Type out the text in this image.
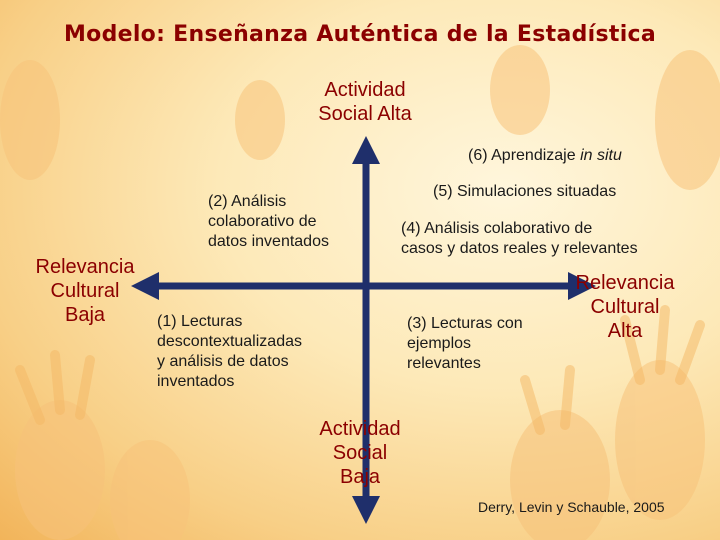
Modelo: Enseñanza Auténtica de la Estadística
Actividad
Social Alta
Actividad
Social
Baja
Relevancia
Cultural
Baja
Relevancia
Cultural
Alta
(6) Aprendizaje in situ
(5) Simulaciones situadas
(4) Análisis colaborativo de
casos y datos reales y relevantes
(2) Análisis
colaborativo de
datos inventados
(1) Lecturas
descontextualizadas
y análisis de datos
inventados
(3) Lecturas con
ejemplos
relevantes
Derry, Levin y Schauble, 2005
